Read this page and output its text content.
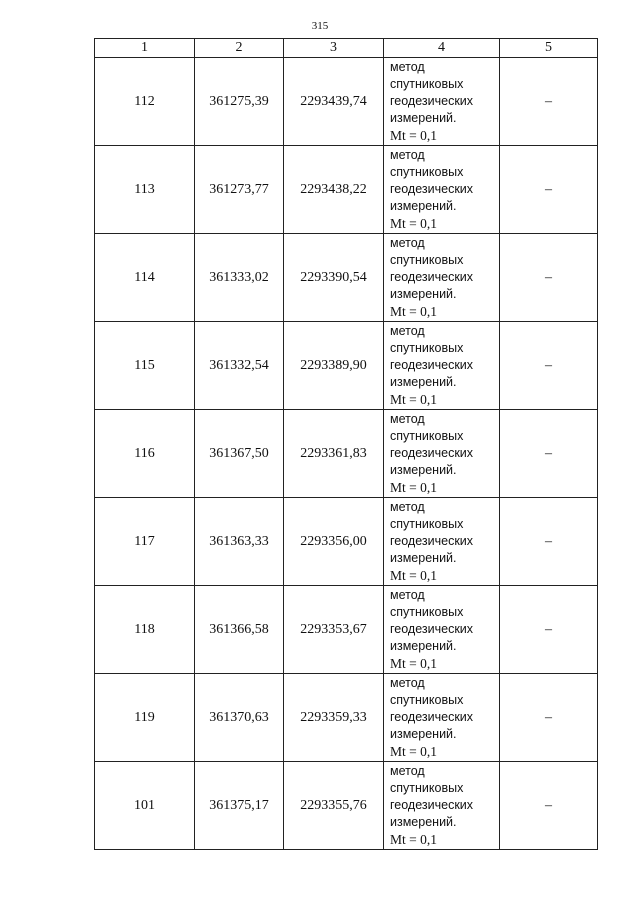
315
1	2	3	4	5
112	361275,39	2293439,74	метод
спутниковых
геодезических
измерений.
Mt = 0,1	–
113	361273,77	2293438,22	метод
спутниковых
геодезических
измерений.
Mt = 0,1	–
114	361333,02	2293390,54	метод
спутниковых
геодезических
измерений.
Mt = 0,1	–
115	361332,54	2293389,90	метод
спутниковых
геодезических
измерений.
Mt = 0,1	–
116	361367,50	2293361,83	метод
спутниковых
геодезических
измерений.
Mt = 0,1	–
117	361363,33	2293356,00	метод
спутниковых
геодезических
измерений.
Mt = 0,1	–
118	361366,58	2293353,67	метод
спутниковых
геодезических
измерений.
Mt = 0,1	–
119	361370,63	2293359,33	метод
спутниковых
геодезических
измерений.
Mt = 0,1	–
101	361375,17	2293355,76	метод
спутниковых
геодезических
измерений.
Mt = 0,1	–
